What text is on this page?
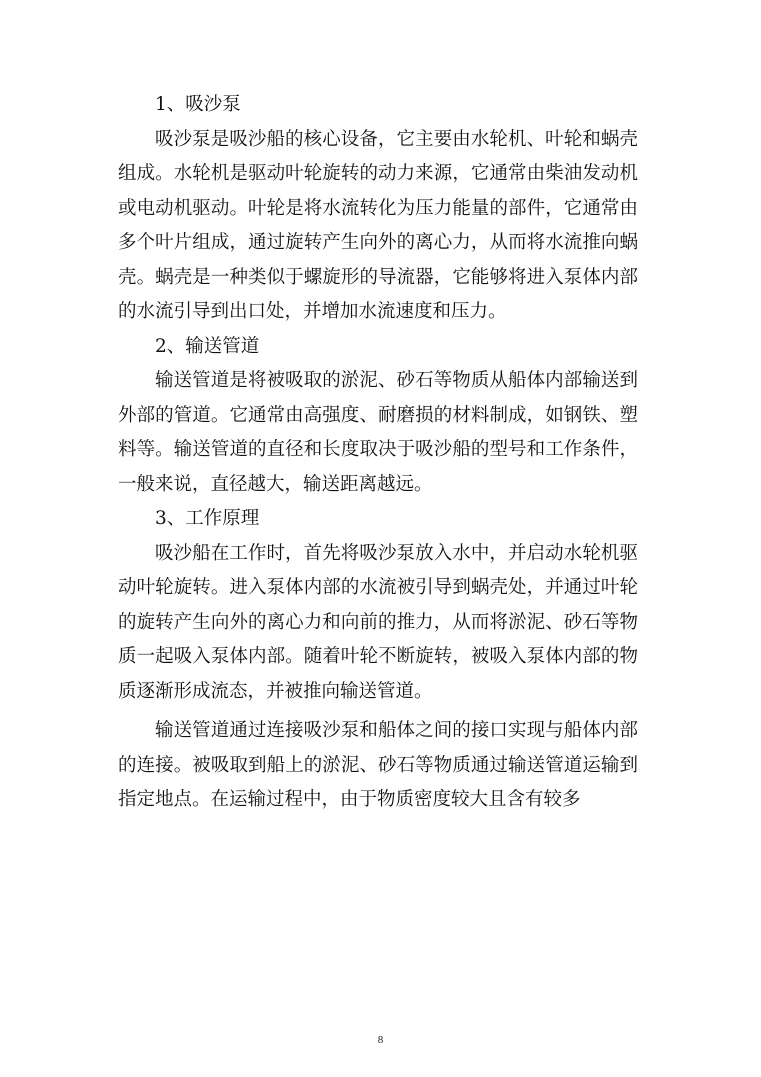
1、吸沙泵

吸沙泵是吸沙船的核心设备，它主要由水轮机、叶轮和蜗壳组成。水轮机是驱动叶轮旋转的动力来源，它通常由柴油发动机或电动机驱动。叶轮是将水流转化为压力能量的部件，它通常由多个叶片组成，通过旋转产生向外的离心力，从而将水流推向蜗壳。蜗壳是一种类似于螺旋形的导流器，它能够将进入泵体内部的水流引导到出口处，并增加水流速度和压力。

2、输送管道

输送管道是将被吸取的淤泥、砂石等物质从船体内部输送到外部的管道。它通常由高强度、耐磨损的材料制成，如钢铁、塑料等。输送管道的直径和长度取决于吸沙船的型号和工作条件，一般来说，直径越大，输送距离越远。

3、工作原理

吸沙船在工作时，首先将吸沙泵放入水中，并启动水轮机驱动叶轮旋转。进入泵体内部的水流被引导到蜗壳处，并通过叶轮的旋转产生向外的离心力和向前的推力，从而将淤泥、砂石等物质一起吸入泵体内部。随着叶轮不断旋转，被吸入泵体内部的物质逐渐形成流态，并被推向输送管道。

输送管道通过连接吸沙泵和船体之间的接口实现与船体内部的连接。被吸取到船上的淤泥、砂石等物质通过输送管道运输到指定地点。在运输过程中，由于物质密度较大且含有较多

8
